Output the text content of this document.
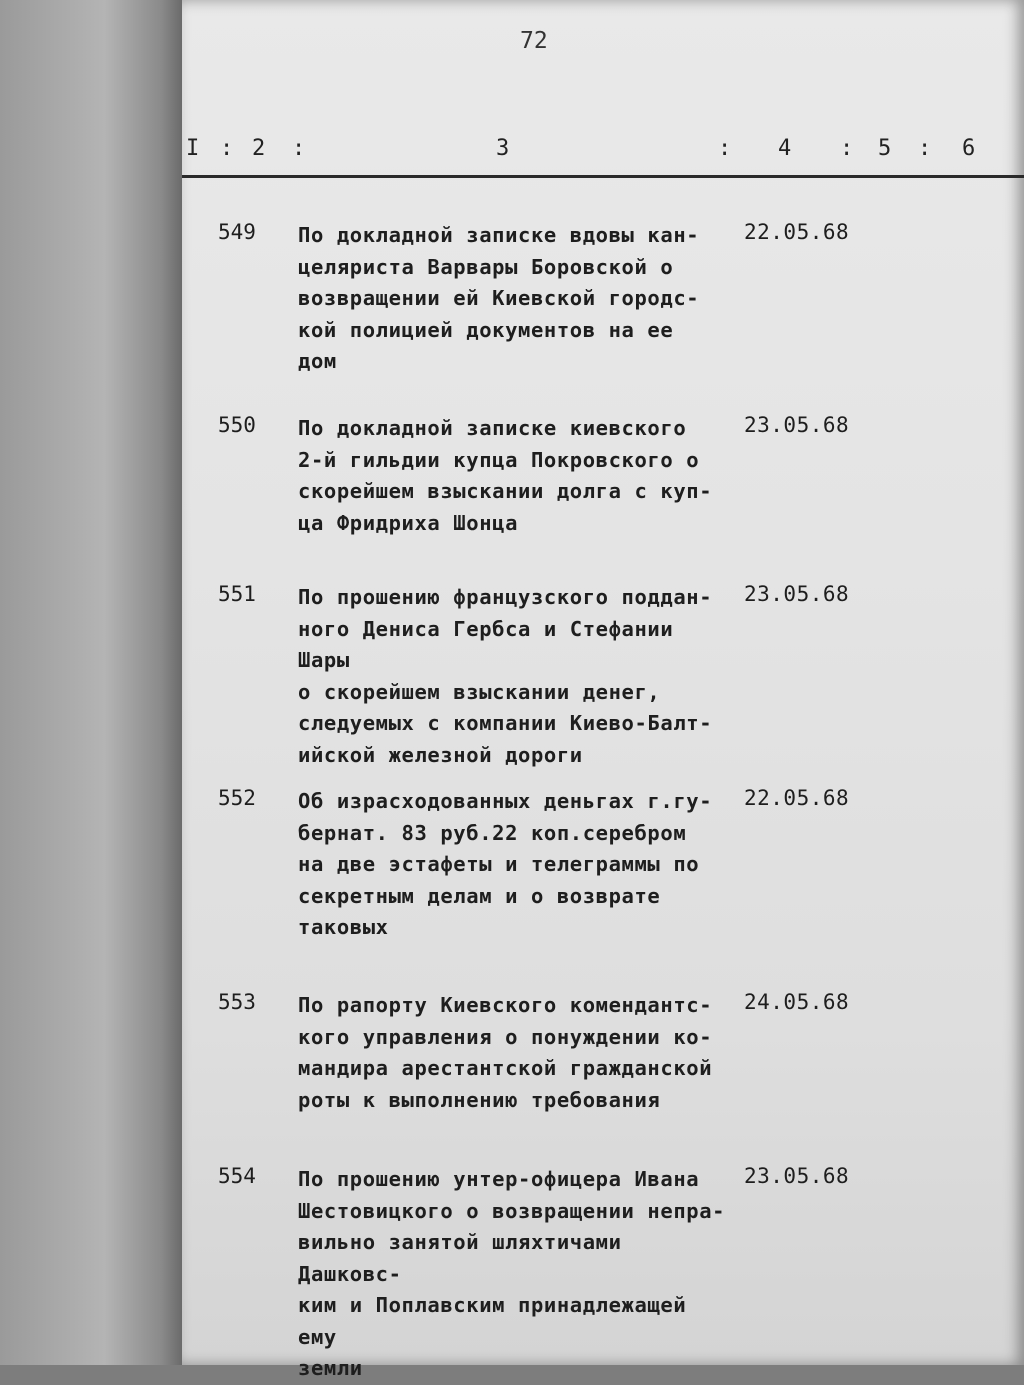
72
I : 2 :	3	: 4 : 5 : 6
549 По докладной записке вдовы кан-
целяриста Варвары Боровской о
возвращении ей Киевской городс-
кой полицией документов на ее
дом
22.05.68
550 По докладной записке киевского
2-й гильдии купца Покровского о
скорейшем взыскании долга с куп-
ца Фридриха Шонца
23.05.68
551 По прошению французского поддан-
ного Дениса Гербса и Стефании Шары
о скорейшем взыскании денег,
следуемых с компании Киево-Балт-
ийской железной дороги
23.05.68
552 Об израсходованных деньгах г.гу-
бернат. 83 руб.22 коп.серебром
на две эстафеты и телеграммы по
секретным делам и о возврате
таковых
22.05.68
553 По рапорту Киевского комендантс-
кого управления о понуждении ко-
мандира арестантской гражданской
роты к выполнению требования
24.05.68
554 По прошению унтер-офицера Ивана
Шестовицкого о возвращении непра-
вильно занятой шляхтичами Дашковс-
ким и Поплавским принадлежащей ему
земли
23.05.68
